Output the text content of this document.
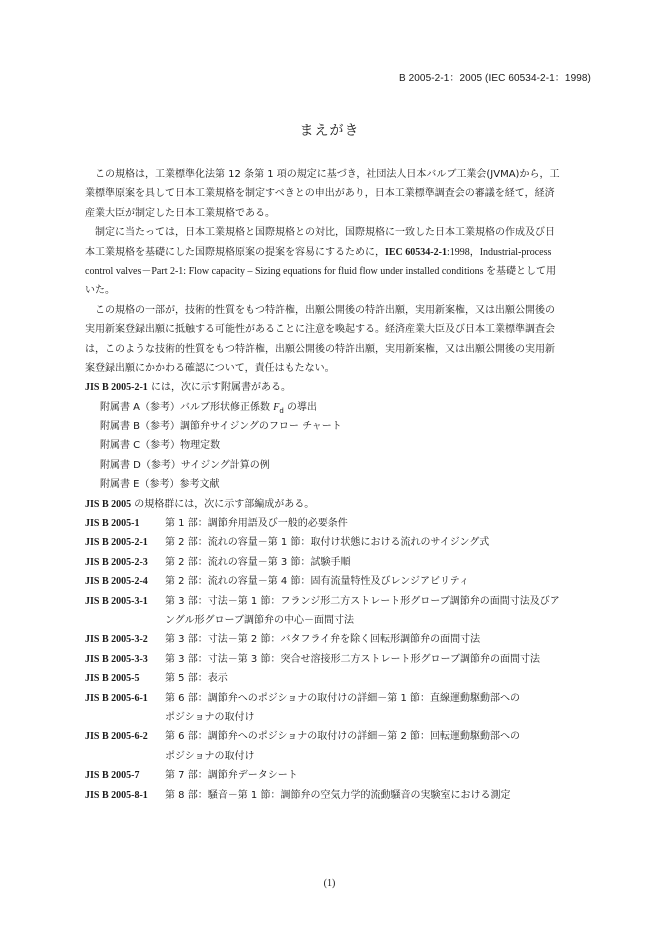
B 2005-2-1：2005 (IEC 60534-2-1：1998)
まえがき
この規格は，工業標準化法第 12 条第 1 項の規定に基づき，社団法人日本バルブ工業会(JVMA)から，工
業標準原案を具して日本工業規格を制定すべきとの申出があり，日本工業標準調査会の審議を経て，経済
産業大臣が制定した日本工業規格である。
制定に当たっては，日本工業規格と国際規格との対比，国際規格に一致した日本工業規格の作成及び日
本工業規格を基礎にした国際規格原案の提案を容易にするために，IEC 60534-2-1:1998，Industrial-process
control valves－Part 2-1: Flow capacity – Sizing equations for fluid flow under installed conditions を基礎として用
いた。
この規格の一部が，技術的性質をもつ特許権，出願公開後の特許出願，実用新案権，又は出願公開後の
実用新案登録出願に抵触する可能性があることに注意を喚起する。経済産業大臣及び日本工業標準調査会
は，このような技術的性質をもつ特許権，出願公開後の特許出願，実用新案権，又は出願公開後の実用新
案登録出願にかかわる確認について，責任はもたない。
JIS B 2005-2-1 には，次に示す附属書がある。
附属書 A（参考）バルブ形状修正係数 $F_d$ の導出
附属書 B（参考）調節弁サイジングのフロー チャート
附属書 C（参考）物理定数
附属書 D（参考）サイジング計算の例
附属書 E（参考）参考文献
JIS B 2005 の規格群には，次に示す部編成がある。
JIS B 2005-1	第 1 部：調節弁用語及び一般的必要条件
JIS B 2005-2-1	第 2 部：流れの容量－第 1 節：取付け状態における流れのサイジング式
JIS B 2005-2-3	第 2 部：流れの容量－第 3 節：試験手順
JIS B 2005-2-4	第 2 部：流れの容量－第 4 節：固有流量特性及びレンジアビリティ
JIS B 2005-3-1	第 3 部：寸法－第 1 節：フランジ形二方ストレート形グローブ調節弁の面間寸法及びア
ングル形グローブ調節弁の中心－面間寸法
JIS B 2005-3-2	第 3 部：寸法－第 2 節：バタフライ弁を除く回転形調節弁の面間寸法
JIS B 2005-3-3	第 3 部：寸法－第 3 節：突合せ溶接形二方ストレート形グローブ調節弁の面間寸法
JIS B 2005-5	第 5 部：表示
JIS B 2005-6-1	第 6 部：調節弁へのポジショナの取付けの詳細－第 1 節：直線運動駆動部への
ポジショナの取付け
JIS B 2005-6-2	第 6 部：調節弁へのポジショナの取付けの詳細－第 2 節：回転運動駆動部への
ポジショナの取付け
JIS B 2005-7	第 7 部：調節弁データシート
JIS B 2005-8-1	第 8 部：騒音－第 1 節：調節弁の空気力学的流動騒音の実験室における測定
(1)
